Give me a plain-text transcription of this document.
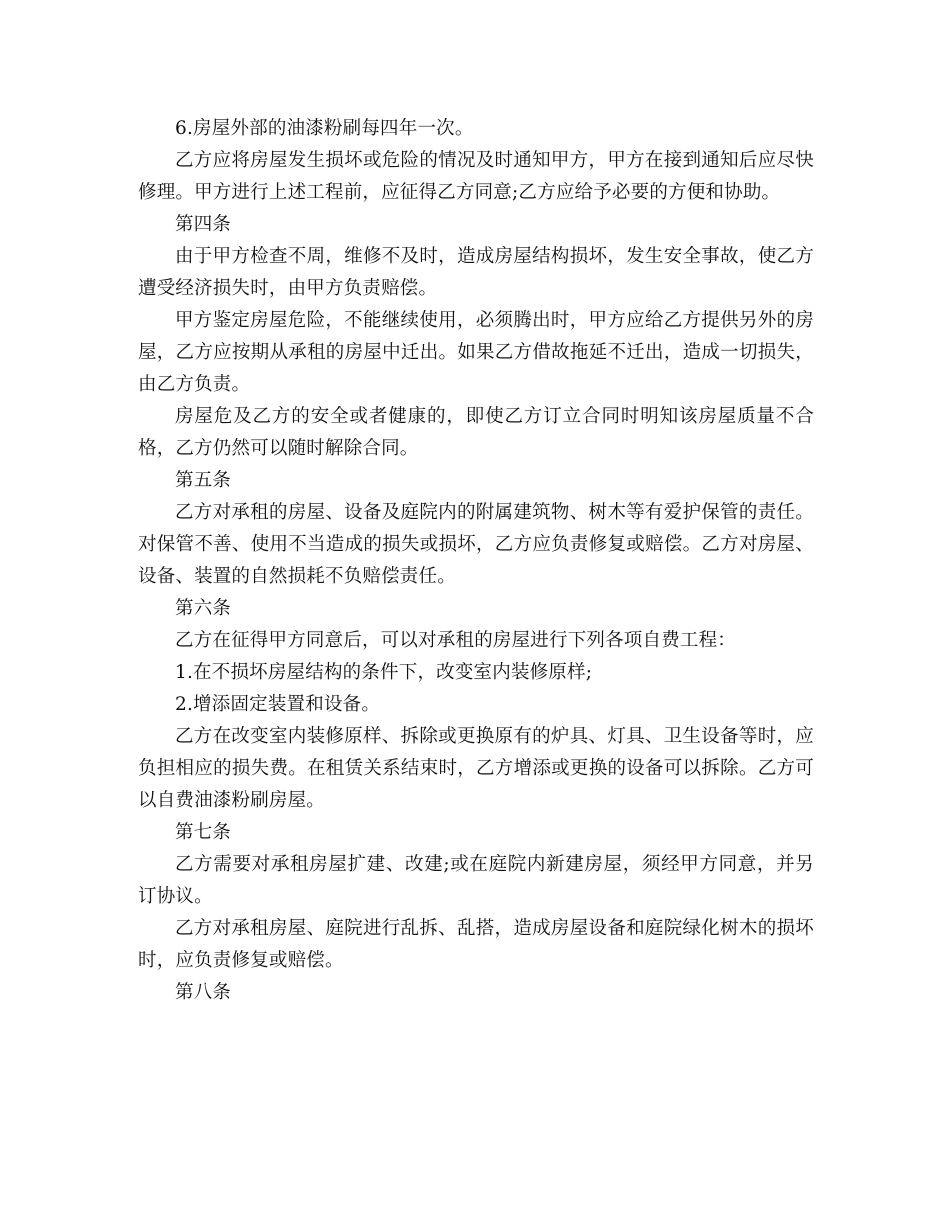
6.房屋外部的油漆粉刷每四年一次。

乙方应将房屋发生损坏或危险的情况及时通知甲方，甲方在接到通知后应尽快修理。甲方进行上述工程前，应征得乙方同意;乙方应给予必要的方便和协助。

第四条

由于甲方检查不周，维修不及时，造成房屋结构损坏，发生安全事故，使乙方遭受经济损失时，由甲方负责赔偿。

甲方鉴定房屋危险，不能继续使用，必须腾出时，甲方应给乙方提供另外的房屋，乙方应按期从承租的房屋中迁出。如果乙方借故拖延不迁出，造成一切损失，由乙方负责。

房屋危及乙方的安全或者健康的，即使乙方订立合同时明知该房屋质量不合格，乙方仍然可以随时解除合同。

第五条

乙方对承租的房屋、设备及庭院内的附属建筑物、树木等有爱护保管的责任。对保管不善、使用不当造成的损失或损坏，乙方应负责修复或赔偿。乙方对房屋、设备、装置的自然损耗不负赔偿责任。

第六条

乙方在征得甲方同意后，可以对承租的房屋进行下列各项自费工程：

1.在不损坏房屋结构的条件下，改变室内装修原样;

2.增添固定装置和设备。

乙方在改变室内装修原样、拆除或更换原有的炉具、灯具、卫生设备等时，应负担相应的损失费。在租赁关系结束时，乙方增添或更换的设备可以拆除。乙方可以自费油漆粉刷房屋。

第七条

乙方需要对承租房屋扩建、改建;或在庭院内新建房屋，须经甲方同意，并另订协议。

乙方对承租房屋、庭院进行乱拆、乱搭，造成房屋设备和庭院绿化树木的损坏时，应负责修复或赔偿。

第八条
